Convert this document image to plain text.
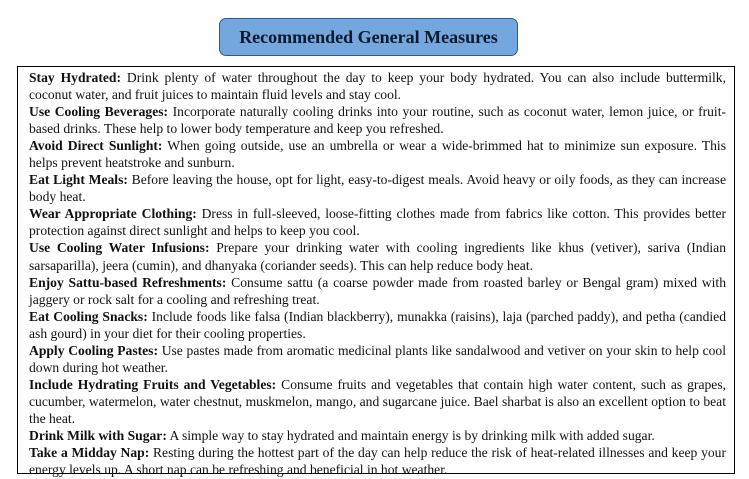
Recommended General Measures

Stay Hydrated: Drink plenty of water throughout the day to keep your body hydrated. You can also include buttermilk, coconut water, and fruit juices to maintain fluid levels and stay cool.

Use Cooling Beverages: Incorporate naturally cooling drinks into your routine, such as coconut water, lemon juice, or fruit-based drinks. These help to lower body temperature and keep you refreshed.

Avoid Direct Sunlight: When going outside, use an umbrella or wear a wide-brimmed hat to minimize sun exposure. This helps prevent heatstroke and sunburn.

Eat Light Meals: Before leaving the house, opt for light, easy-to-digest meals. Avoid heavy or oily foods, as they can increase body heat.

Wear Appropriate Clothing: Dress in full-sleeved, loose-fitting clothes made from fabrics like cotton. This provides better protection against direct sunlight and helps to keep you cool.

Use Cooling Water Infusions: Prepare your drinking water with cooling ingredients like khus (vetiver), sariva (Indian sarsaparilla), jeera (cumin), and dhanyaka (coriander seeds). This can help reduce body heat.

Enjoy Sattu-based Refreshments: Consume sattu (a coarse powder made from roasted barley or Bengal gram) mixed with jaggery or rock salt for a cooling and refreshing treat.

Eat Cooling Snacks: Include foods like falsa (Indian blackberry), munakka (raisins), laja (parched paddy), and petha (candied ash gourd) in your diet for their cooling properties.

Apply Cooling Pastes: Use pastes made from aromatic medicinal plants like sandalwood and vetiver on your skin to help cool down during hot weather.

Include Hydrating Fruits and Vegetables: Consume fruits and vegetables that contain high water content, such as grapes, cucumber, watermelon, water chestnut, muskmelon, mango, and sugarcane juice. Bael sharbat is also an excellent option to beat the heat.

Drink Milk with Sugar: A simple way to stay hydrated and maintain energy is by drinking milk with added sugar.

Take a Midday Nap: Resting during the hottest part of the day can help reduce the risk of heat-related illnesses and keep your energy levels up. A short nap can be refreshing and beneficial in hot weather.
